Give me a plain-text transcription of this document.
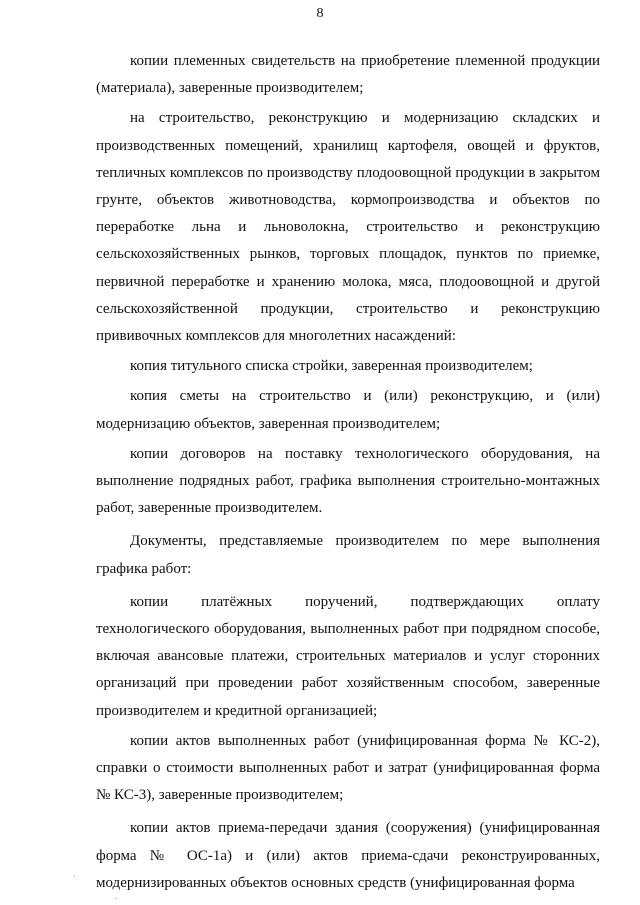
8

копии племенных свидетельств на приобретение племенной продукции (материала), заверенные производителем;

на строительство, реконструкцию и модернизацию складских и производственных помещений, хранилищ картофеля, овощей и фруктов, тепличных комплексов по производству плодоовощной продукции в закрытом грунте, объектов животноводства, кормопроизводства и объектов по переработке льна и льноволокна, строительство и реконструкцию сельскохозяйственных рынков, торговых площадок, пунктов по приемке, первичной переработке и хранению молока, мяса, плодоовощной и другой сельскохозяйственной продукции, строительство и реконструкцию прививочных комплексов для многолетних насаждений:

копия титульного списка стройки, заверенная производителем;

копия сметы на строительство и (или) реконструкцию, и (или) модернизацию объектов, заверенная производителем;

копии договоров на поставку технологического оборудования, на выполнение подрядных работ, графика выполнения строительно-монтажных работ, заверенные производителем.

Документы, представляемые производителем по мере выполнения графика работ:

копии платёжных поручений, подтверждающих оплату технологического оборудования, выполненных работ при подрядном способе, включая авансовые платежи, строительных материалов и услуг сторонних организаций при проведении работ хозяйственным способом, заверенные производителем и кредитной организацией;

копии актов выполненных работ (унифицированная форма № КС-2), справки о стоимости выполненных работ и затрат (унифицированная форма № КС-3), заверенные производителем;

копии актов приема-передачи здания (сооружения) (унифицированная форма № ОС-1а) и (или) актов приема-сдачи реконструированных, модернизированных объектов основных средств (унифицированная форма
